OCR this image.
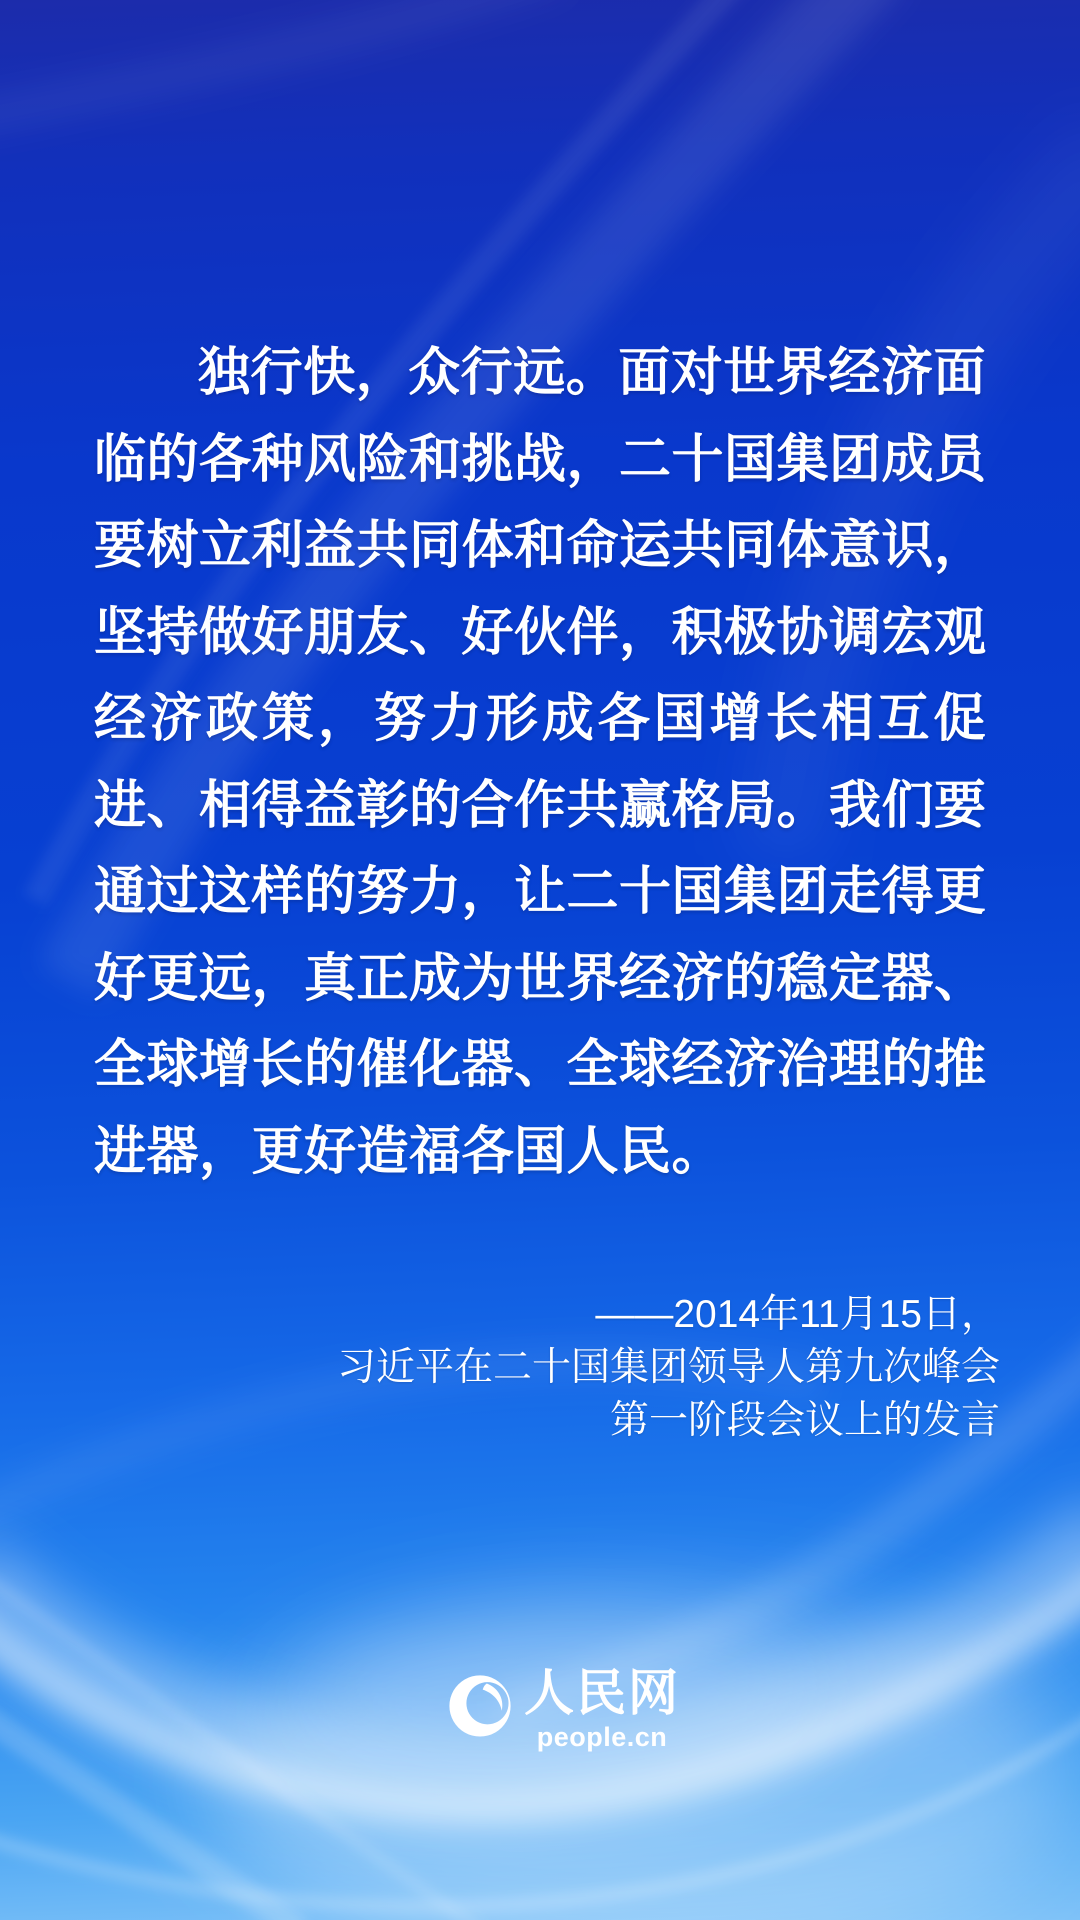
独行快，众行远。面对世界经济面
临的各种风险和挑战，二十国集团成员
要树立利益共同体和命运共同体意识，
坚持做好朋友、好伙伴，积极协调宏观
经济政策，努力形成各国增长相互促
进、相得益彰的合作共赢格局。我们要
通过这样的努力，让二十国集团走得更
好更远，真正成为世界经济的稳定器、
全球增长的催化器、全球经济治理的推
进器，更好造福各国人民。
——2014年11月15日，
习近平在二十国集团领导人第九次峰会
第一阶段会议上的发言
人民网
people.cn
